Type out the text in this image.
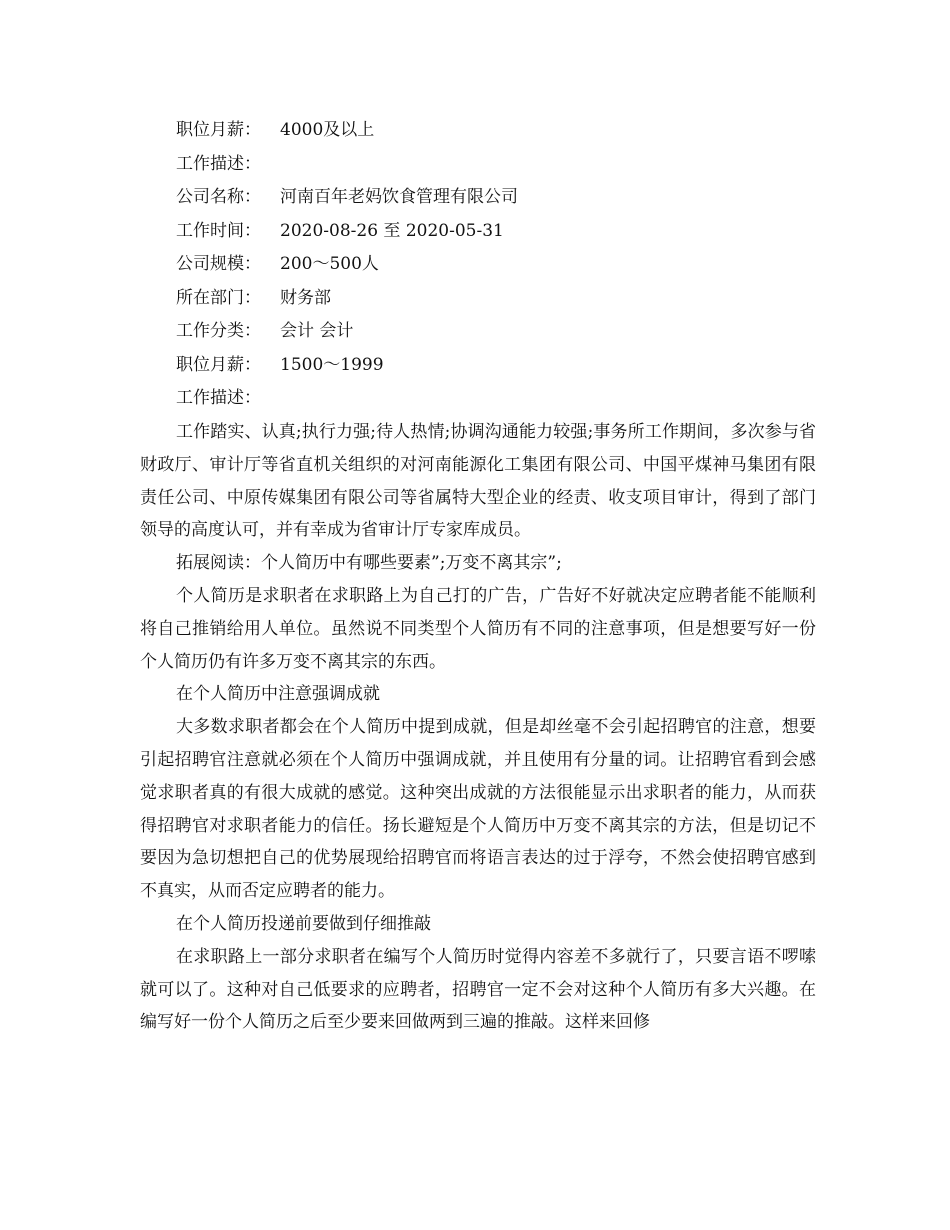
职位月薪： 4000及以上
工作描述：
公司名称： 河南百年老妈饮食管理有限公司
工作时间： 2020-08-26 至 2020-05-31
公司规模： 200～500人
所在部门： 财务部
工作分类： 会计 会计
职位月薪： 1500～1999
工作描述：

工作踏实、认真;执行力强;待人热情;协调沟通能力较强;事务所工作期间，多次参与省财政厅、审计厅等省直机关组织的对河南能源化工集团有限公司、中国平煤神马集团有限责任公司、中原传媒集团有限公司等省属特大型企业的经责、收支项目审计，得到了部门领导的高度认可，并有幸成为省审计厅专家库成员。

拓展阅读：个人简历中有哪些要素”;万变不离其宗”;

个人简历是求职者在求职路上为自己打的广告，广告好不好就决定应聘者能不能顺利将自己推销给用人单位。虽然说不同类型个人简历有不同的注意事项，但是想要写好一份个人简历仍有许多万变不离其宗的东西。

在个人简历中注意强调成就

大多数求职者都会在个人简历中提到成就，但是却丝毫不会引起招聘官的注意，想要引起招聘官注意就必须在个人简历中强调成就，并且使用有分量的词。让招聘官看到会感觉求职者真的有很大成就的感觉。这种突出成就的方法很能显示出求职者的能力，从而获得招聘官对求职者能力的信任。扬长避短是个人简历中万变不离其宗的方法，但是切记不要因为急切想把自己的优势展现给招聘官而将语言表达的过于浮夸，不然会使招聘官感到不真实，从而否定应聘者的能力。

在个人简历投递前要做到仔细推敲

在求职路上一部分求职者在编写个人简历时觉得内容差不多就行了，只要言语不啰嗦就可以了。这种对自己低要求的应聘者，招聘官一定不会对这种个人简历有多大兴趣。在编写好一份个人简历之后至少要来回做两到三遍的推敲。这样来回修
